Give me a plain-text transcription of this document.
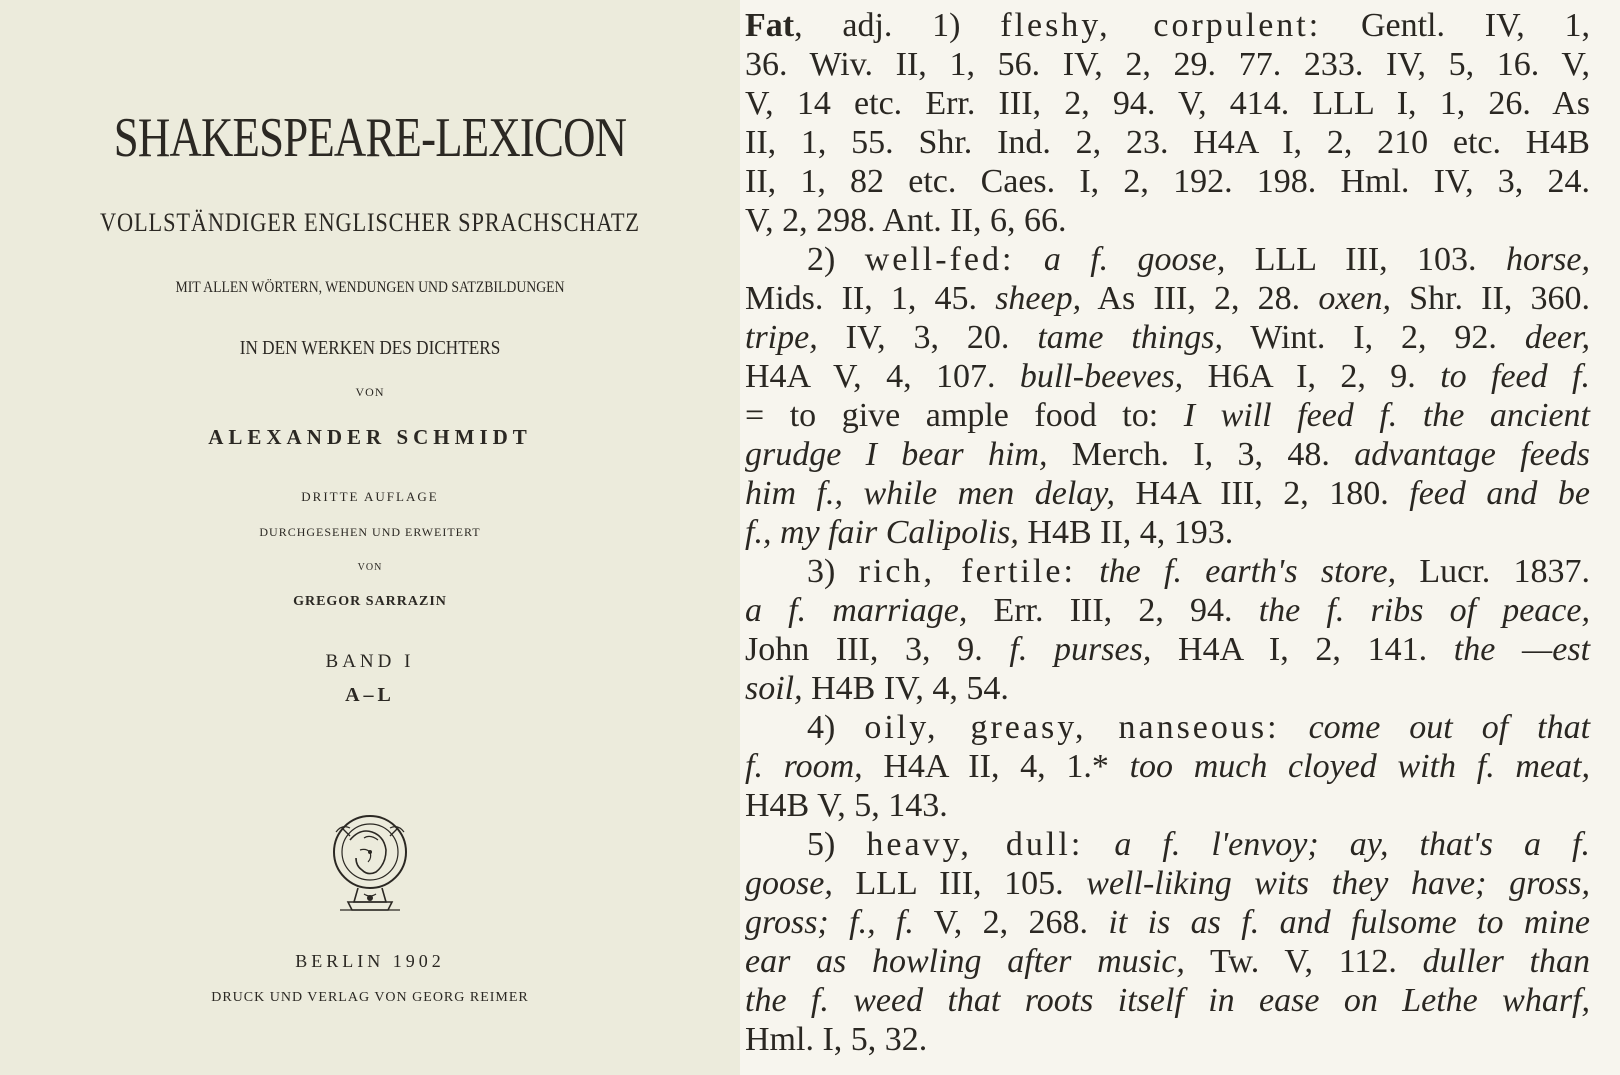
SHAKESPEARE-LEXICON
VOLLSTÄNDIGER ENGLISCHER SPRACHSCHATZ
MIT ALLEN WÖRTERN, WENDUNGEN UND SATZBILDUNGEN
IN DEN WERKEN DES DICHTERS
VON
ALEXANDER SCHMIDT
DRITTE AUFLAGE
DURCHGESEHEN UND ERWEITERT
VON
GREGOR SARRAZIN
BAND I
A–L
BERLIN 1902
DRUCK UND VERLAG VON GEORG REIMER
Fat, adj. 1) fleshy, corpulent: Gentl. IV, 1,
36. Wiv. II, 1, 56. IV, 2, 29. 77. 233. IV, 5, 16. V,
V, 14 etc. Err. III, 2, 94. V, 414. LLL I, 1, 26. As
II, 1, 55. Shr. Ind. 2, 23. H4A I, 2, 210 etc. H4B
II, 1, 82 etc. Caes. I, 2, 192. 198. Hml. IV, 3, 24.
V, 2, 298. Ant. II, 6, 66.
2) well-fed: a f. goose, LLL III, 103. horse,
Mids. II, 1, 45. sheep, As III, 2, 28. oxen, Shr. II, 360.
tripe, IV, 3, 20. tame things, Wint. I, 2, 92. deer,
H4A V, 4, 107. bull-beeves, H6A I, 2, 9. to feed f.
= to give ample food to: I will feed f. the ancient
grudge I bear him, Merch. I, 3, 48. advantage feeds
him f., while men delay, H4A III, 2, 180. feed and be
f., my fair Calipolis, H4B II, 4, 193.
3) rich, fertile: the f. earth's store, Lucr. 1837.
a f. marriage, Err. III, 2, 94. the f. ribs of peace,
John III, 3, 9. f. purses, H4A I, 2, 141. the —est
soil, H4B IV, 4, 54.
4) oily, greasy, nanseous: come out of that
f. room, H4A II, 4, 1.* too much cloyed with f. meat,
H4B V, 5, 143.
5) heavy, dull: a f. l'envoy; ay, that's a f.
goose, LLL III, 105. well-liking wits they have; gross,
gross; f., f. V, 2, 268. it is as f. and fulsome to mine
ear as howling after music, Tw. V, 112. duller than
the f. weed that roots itself in ease on Lethe wharf,
Hml. I, 5, 32.
